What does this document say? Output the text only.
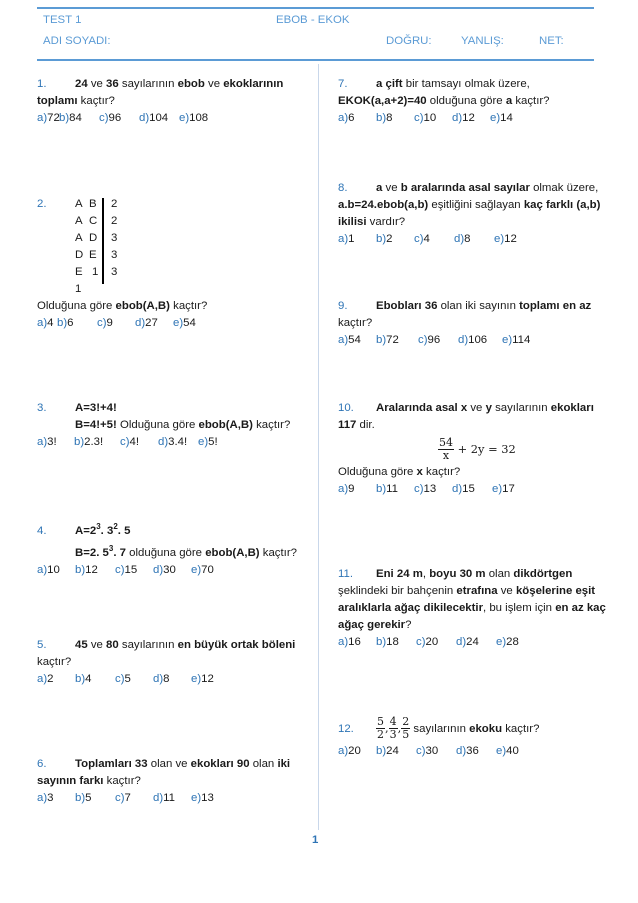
TEST 1	EBOB - EKOK
ADI SOYADI:	DOĞRU:	YANLIŞ:	NET:
1.	24 ve 36 sayılarının ebob ve ekoklarının
toplamı kaçtır?
a)72b)84 c)96 d)104 e)108
A B 2
A C 2
A D 3
D E 3
E 1 3
1
Olduğuna göre ebob(A,B) kaçtır?
a)4 b)6 c)9 d)27 e)54
2.
3.	A=3!+4!
B=4!+5! Olduğuna göre ebob(A,B) kaçtır?
a)3! b)2.3! c)4! d)3.4! e)5!
4.	$A=2^3$. $3^2$. 5
B=2. $5^3$. 7 olduğuna göre ebob(A,B) kaçtır?
a)10 b)12 c)15 d)30 e)70
5.	45 ve 80 sayılarının en büyük ortak böleni
kaçtır?
a)2 b)4 c)5 d)8 e)12
6.	Toplamları 33 olan ve ekokları 90 olan iki
sayının farkı kaçtır?
a)3 b)5 c)7 d)11 e)13
7.	a çift bir tamsayı olmak üzere,
EKOK(a,a+2)=40 olduğuna göre a kaçtır?
a)6 b)8 c)10 d)12 e)14
8.	a ve b aralarında asal sayılar olmak üzere,
a.b=24.ebob(a,b) eşitliğini sağlayan kaç farklı (a,b)
ikilisi vardır?
a)1 b)2 c)4 d)8 e)12
9.	Ebobları 36 olan iki sayının toplamı en az
kaçtır?
a)54 b)72 c)96 d)106 e)114
10. Aralarında asal x ve y sayılarının ekokları
117 dir.
$\frac{54}{x} + 2y = 32$
Olduğuna göre x kaçtır?
a)9 b)11 c)13 d)15 e)17
11. Eni 24 m, boyu 30 m olan dikdörtgen
şeklindeki bir bahçenin etrafına ve köşelerine eşit
aralıklarla ağaç dikilecektir, bu işlem için en az kaç
ağaç gerekir?
a)16 b)18 c)20 d)24 e)28
12. $\frac{5}{2}$ , $\frac{4}{3}$ , $\frac{2}{5}$ sayılarının ekoku kaçtır?
a)20 b)24 c)30 d)36 e)40
1
